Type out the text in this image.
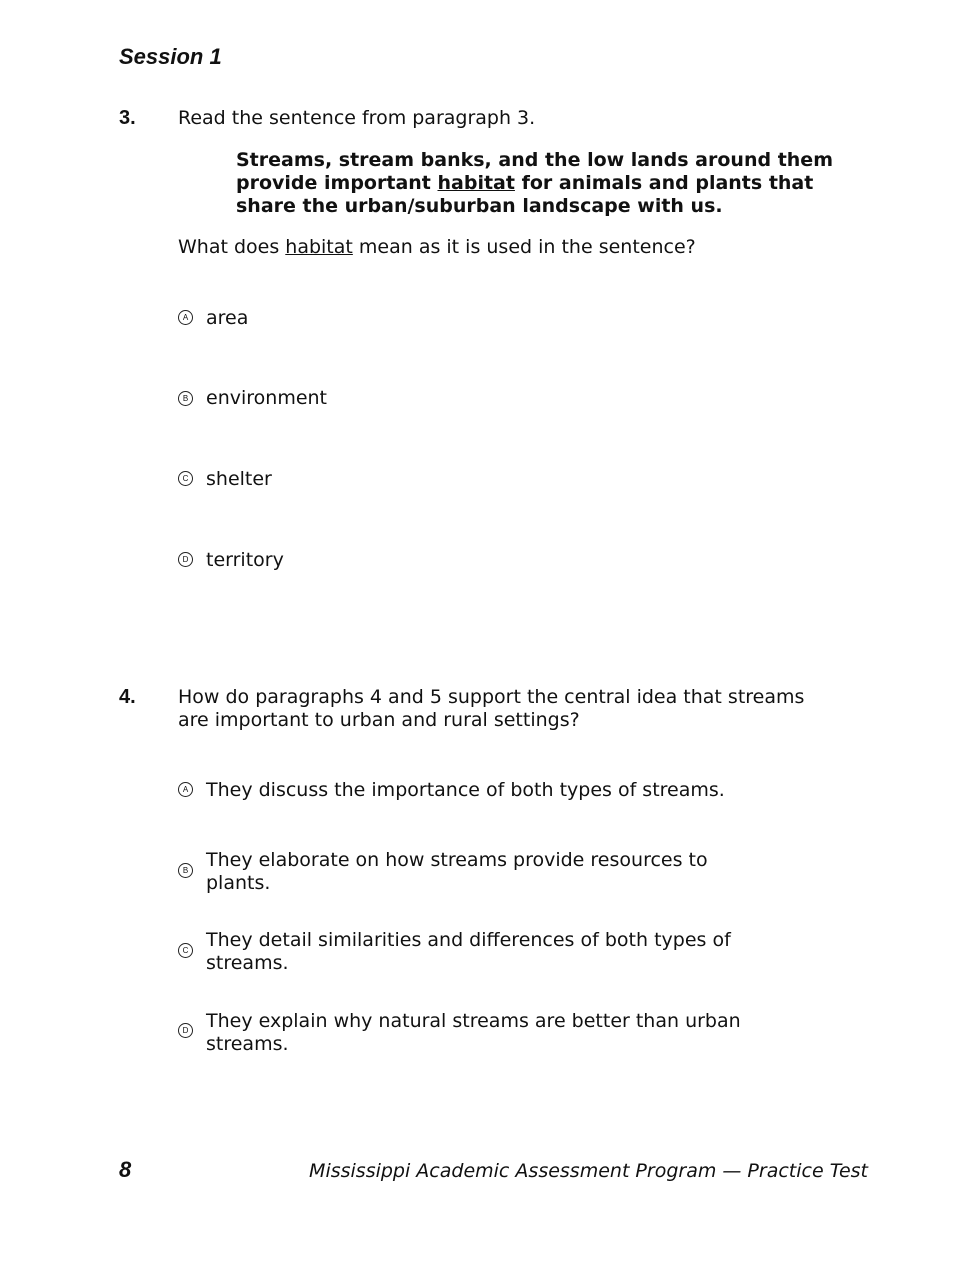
Session 1
3. Read the sentence from paragraph 3.
Streams, stream banks, and the low lands around them provide important habitat for animals and plants that share the urban/suburban landscape with us.
What does habitat mean as it is used in the sentence?
A area
B environment
C shelter
D territory
4. How do paragraphs 4 and 5 support the central idea that streams are important to urban and rural settings?
A They discuss the importance of both types of streams.
B They elaborate on how streams provide resources to plants.
C They detail similarities and differences of both types of streams.
D They explain why natural streams are better than urban streams.
8	Mississippi Academic Assessment Program — Practice Test
